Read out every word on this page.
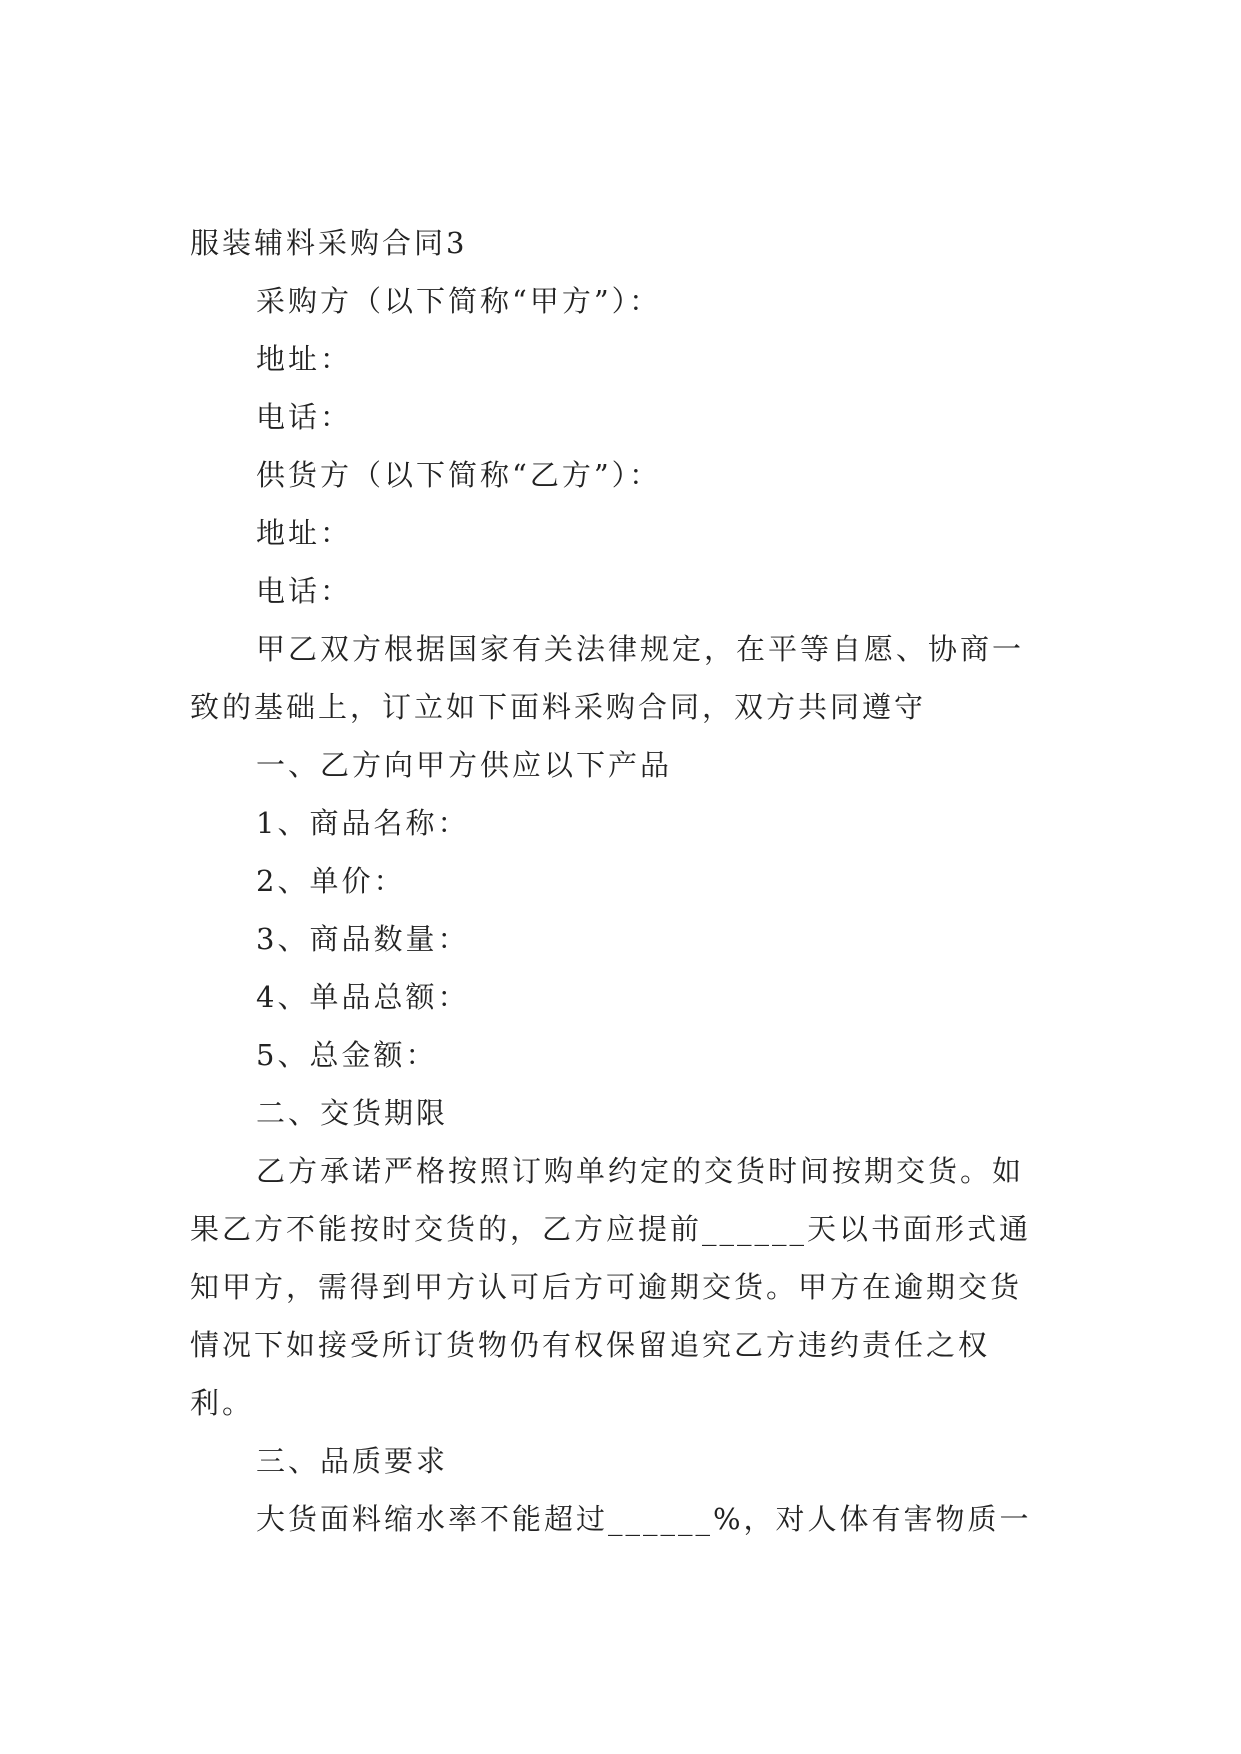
服装辅料采购合同3
采购方（以下简称“甲方”）：
地址：
电话：
供货方（以下简称“乙方”）：
地址：
电话：
甲乙双方根据国家有关法律规定，在平等自愿、协商一
致的基础上，订立如下面料采购合同，双方共同遵守
一、乙方向甲方供应以下产品
1、商品名称：
2、单价：
3、商品数量：
4、单品总额：
5、总金额：
二、交货期限
乙方承诺严格按照订购单约定的交货时间按期交货。如
果乙方不能按时交货的，乙方应提前______天以书面形式通
知甲方，需得到甲方认可后方可逾期交货。甲方在逾期交货
情况下如接受所订货物仍有权保留追究乙方违约责任之权
利。
三、品质要求
大货面料缩水率不能超过______%，对人体有害物质一
